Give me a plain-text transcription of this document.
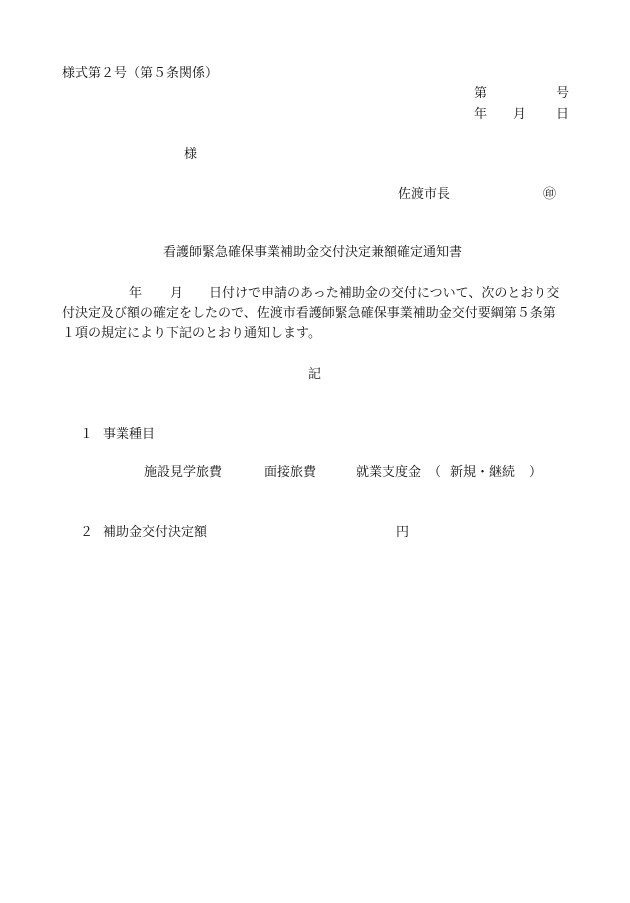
様式第２号（第５条関係）
第	号
年 月 日
様
佐渡市長	㊞
看護師緊急確保事業補助金交付決定兼額確定通知書
年 月 日付けで申請のあった補助金の交付について、次のとおり交
付決定及び額の確定をしたので、佐渡市看護師緊急確保事業補助金交付要綱第５条第
１項の規定により下記のとおり通知します。
記
１ 事業種目
施設見学旅費	面接旅費	就業支度金 （ 新規・継続 ）
２ 補助金交付決定額	円
